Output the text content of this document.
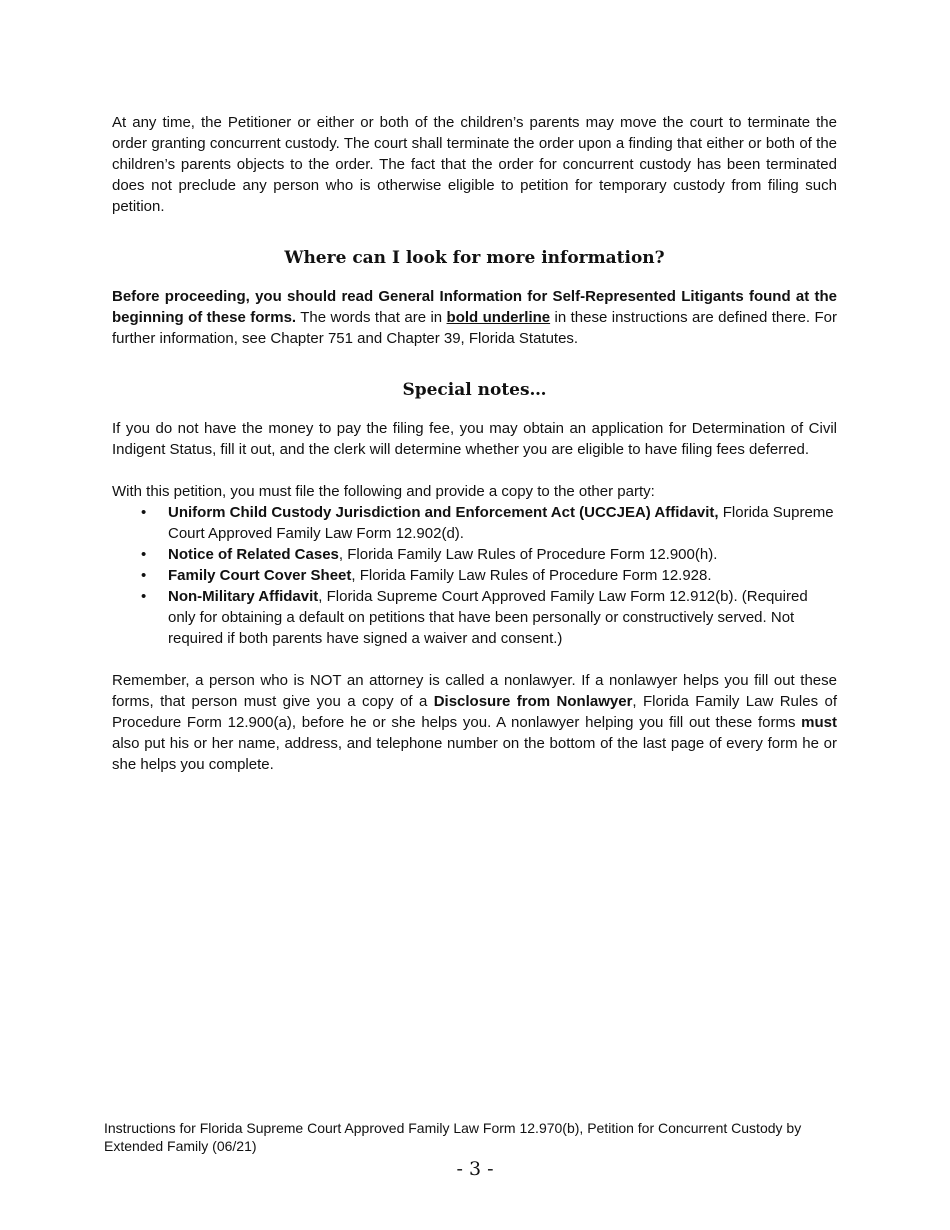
At any time, the Petitioner or either or both of the children’s parents may move the court to terminate the order granting concurrent custody. The court shall terminate the order upon a finding that either or both of the children’s parents objects to the order. The fact that the order for concurrent custody has been terminated does not preclude any person who is otherwise eligible to petition for temporary custody from filing such petition.

Where can I look for more information?

Before proceeding, you should read General Information for Self-Represented Litigants found at the beginning of these forms. The words that are in bold underline in these instructions are defined there. For further information, see Chapter 751 and Chapter 39, Florida Statutes.

Special notes…

If you do not have the money to pay the filing fee, you may obtain an application for Determination of Civil Indigent Status, fill it out, and the clerk will determine whether you are eligible to have filing fees deferred.

With this petition, you must file the following and provide a copy to the other party:

• Uniform Child Custody Jurisdiction and Enforcement Act (UCCJEA) Affidavit, Florida Supreme Court Approved Family Law Form 12.902(d).
• Notice of Related Cases, Florida Family Law Rules of Procedure Form 12.900(h).
• Family Court Cover Sheet, Florida Family Law Rules of Procedure Form 12.928.
• Non-Military Affidavit, Florida Supreme Court Approved Family Law Form 12.912(b). (Required only for obtaining a default on petitions that have been personally or constructively served. Not required if both parents have signed a waiver and consent.)

Remember, a person who is NOT an attorney is called a nonlawyer. If a nonlawyer helps you fill out these forms, that person must give you a copy of a Disclosure from Nonlawyer, Florida Family Law Rules of Procedure Form 12.900(a), before he or she helps you. A nonlawyer helping you fill out these forms must also put his or her name, address, and telephone number on the bottom of the last page of every form he or she helps you complete.

Instructions for Florida Supreme Court Approved Family Law Form 12.970(b), Petition for Concurrent Custody by Extended Family (06/21)
- 3 -
